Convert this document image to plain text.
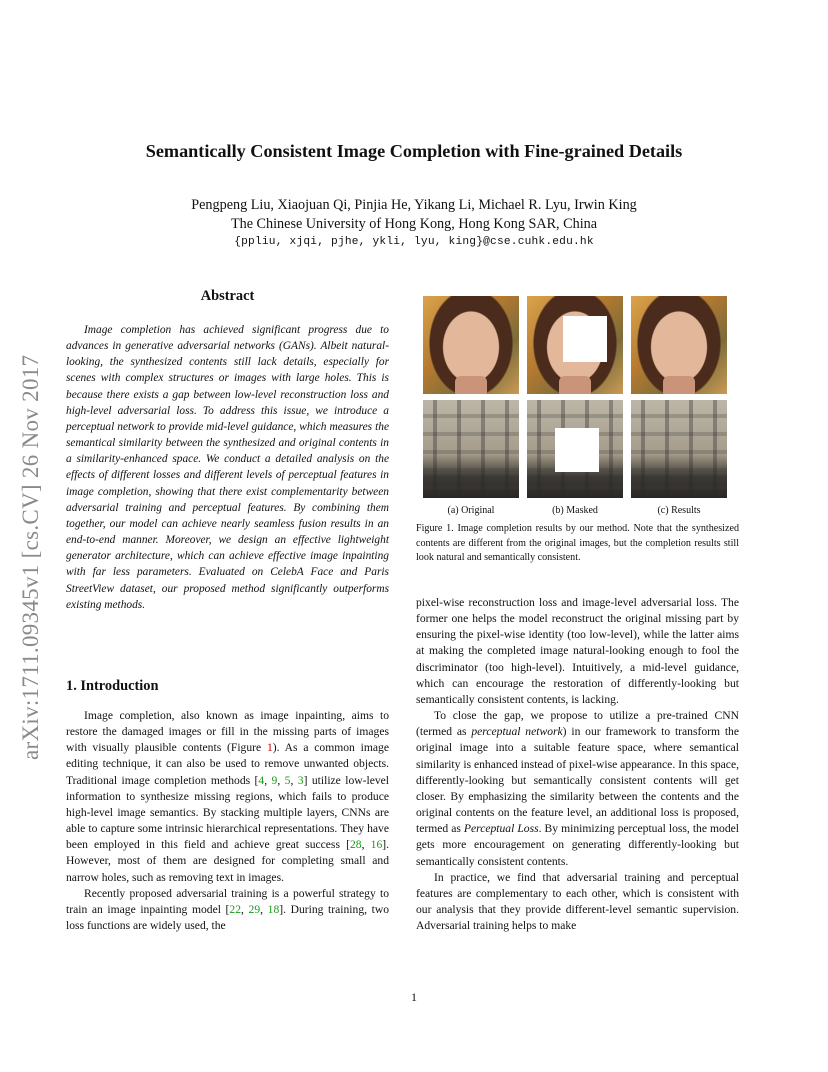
arXiv:1711.09345v1 [cs.CV] 26 Nov 2017
Semantically Consistent Image Completion with Fine-grained Details
Pengpeng Liu, Xiaojuan Qi, Pinjia He, Yikang Li, Michael R. Lyu, Irwin King
The Chinese University of Hong Kong, Hong Kong SAR, China
{ppliu, xjqi, pjhe, ykli, lyu, king}@cse.cuhk.edu.hk
Abstract
Image completion has achieved significant progress due to advances in generative adversarial networks (GANs). Albeit natural-looking, the synthesized contents still lack details, especially for scenes with complex structures or images with large holes. This is because there exists a gap between low-level reconstruction loss and high-level adversarial loss. To address this issue, we introduce a perceptual network to provide mid-level guidance, which measures the semantical similarity between the synthesized and original contents in a similarity-enhanced space. We conduct a detailed analysis on the effects of different losses and different levels of perceptual features in image completion, showing that there exist complementarity between adversarial training and perceptual features. By combining them together, our model can achieve nearly seamless fusion results in an end-to-end manner. Moreover, we design an effective lightweight generator architecture, which can achieve effective image inpainting with far less parameters. Evaluated on CelebA Face and Paris StreetView dataset, our proposed method significantly outperforms existing methods.
(a) Original	(b) Masked	(c) Results
Figure 1. Image completion results by our method. Note that the synthesized contents are different from the original images, but the completion results still look natural and semantically consistent.
1. Introduction

Image completion, also known as image inpainting, aims to restore the damaged images or fill in the missing parts of images with visually plausible contents (Figure 1). As a common image editing technique, it can also be used to remove unwanted objects. Traditional image completion methods [4, 9, 5, 3] utilize low-level information to synthesize missing regions, which fails to produce high-level image semantics. By stacking multiple layers, CNNs are able to capture some intrinsic hierarchical representations. They have been employed in this field and achieve great success [28, 16]. However, most of them are designed for completing small and narrow holes, such as removing text in images.

Recently proposed adversarial training is a powerful strategy to train an image inpainting model [22, 29, 18]. During training, two loss functions are widely used, the

pixel-wise reconstruction loss and image-level adversarial loss. The former one helps the model reconstruct the original missing part by ensuring the pixel-wise identity (too low-level), while the latter aims at making the completed image natural-looking enough to fool the discriminator (too high-level). Intuitively, a mid-level guidance, which can encourage the restoration of differently-looking but semantically consistent contents, is lacking.

To close the gap, we propose to utilize a pre-trained CNN (termed as perceptual network) in our framework to transform the original image into a suitable feature space, where semantical similarity is enhanced instead of pixel-wise appearance. In this space, differently-looking but semantically consistent contents will get closer. By emphasizing the similarity between the contents and the original contents on the feature level, an additional loss is proposed, termed as Perceptual Loss. By minimizing perceptual loss, the model gets more encouragement on generating differently-looking but semantically consistent contents.

In practice, we find that adversarial training and perceptual features are complementary to each other, which is consistent with our analysis that they provide different-level semantic supervision. Adversarial training helps to make

1
